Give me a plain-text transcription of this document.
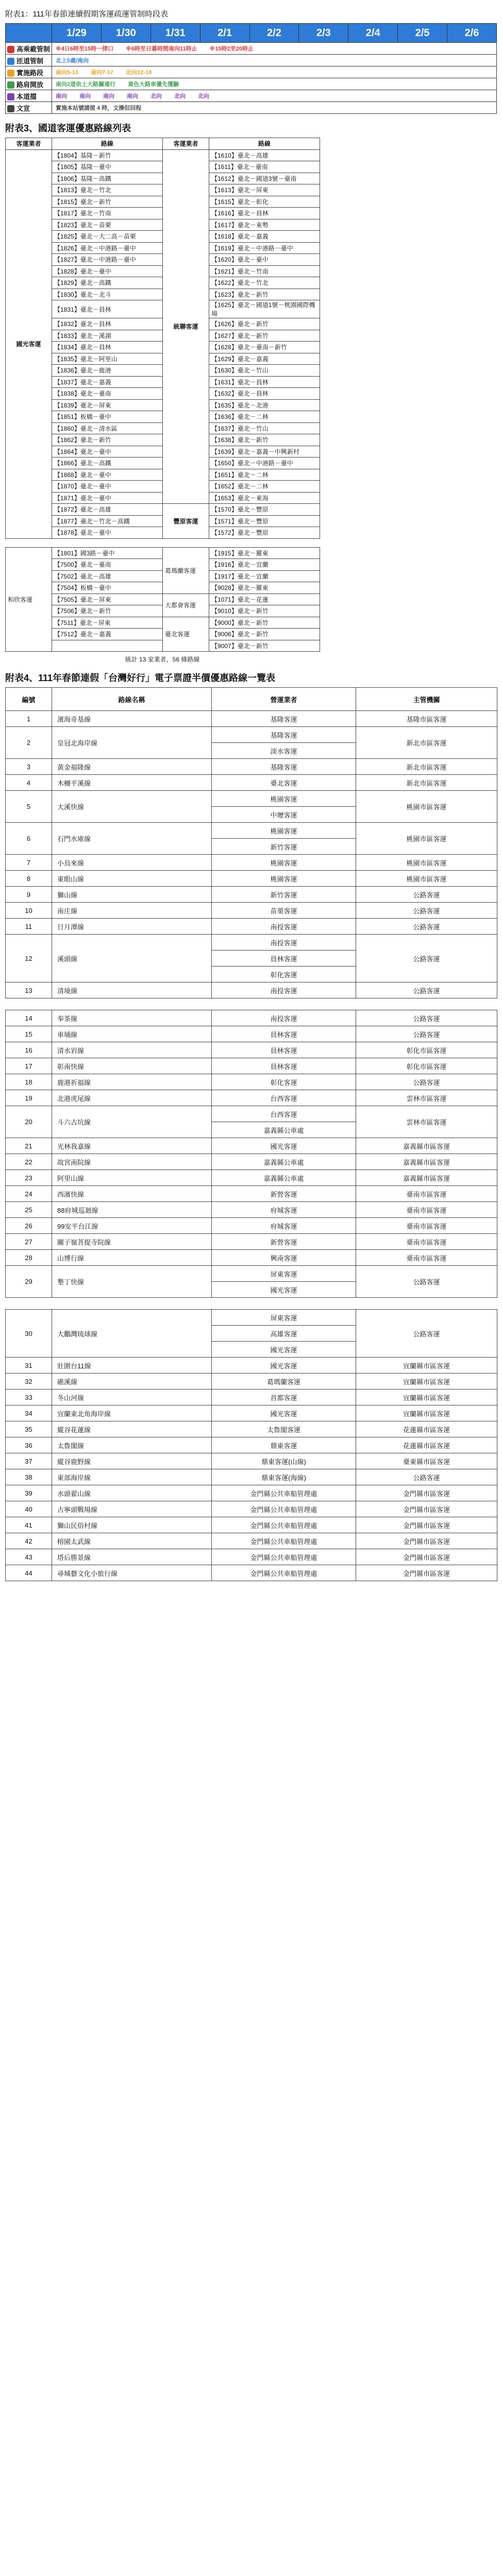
附表1：111年春節連續假期客運疏運管制時段表
	1/29	1/30	1/31	2/1	2/2	2/3	2/4	2/5	2/6
高乘載管制	※4日6時至15時一律口 ※6時至日暮時間南向11時止 ※15時2至20時止								
匝道管制	北上5處/南向								
實施路段	南向5-13 南向7-17 北向12-18								
路肩開放	南向2道依上大路關連行 黃色大路車優先獲驗								
本道擋	南向 南向 南向 南向 北向 北向 北向								
文宣	實施本站號請提 4 時，文操但回程								
附表3、國道客運優惠路線列表
客運業者	路線	客運業者	路線
國光客運	【1804】基隆－新竹	統聯客運	【1610】臺北－高雄
	【1805】基隆－臺中		【1611】臺北－臺南
	【1806】基隆－高鐵		【1612】臺北－國道3號－臺南
	【1813】臺北－竹北		【1613】臺北－屏東
	【1815】臺北－新竹		【1615】臺北－彰化
	【1817】臺北－竹南		【1616】臺北－員林
	【1823】臺北－苗栗		【1617】臺北－東勢
	【1825】臺北－大二高－苗栗		【1618】臺北－嘉義
	【1826】臺北－中港路－臺中		【1619】臺北－中港路－臺中
	【1827】臺北－中港路－臺中		【1620】臺北－臺中
	【1828】臺北－臺中		【1621】臺北－竹南
	【1829】臺北－高鐵		【1622】臺北－竹北
	【1830】臺北－北斗		【1623】臺北－新竹
	【1831】臺北－員林		【1625】臺北－國道1號－桃園國際機場
	【1832】臺北－員林		【1626】臺北－新竹
	【1833】臺北－溪湖		【1627】臺北－新竹
	【1834】臺北－員林		【1628】臺北－臺南－新竹
	【1835】臺北－阿里山		【1629】臺北－嘉義
	【1836】臺北－鹿港		【1630】臺北－竹山
	【1837】臺北－嘉義		【1631】臺北－員林
	【1838】臺北－臺南		【1632】臺北－員林
	【1839】臺北－屏東		【1635】臺北－北港
	【1851】板橋－臺中		【1636】臺北－二林
	【1860】臺北－清水區		【1637】臺北－竹山
	【1862】臺北－新竹		【1638】臺北－新竹
	【1864】臺北－臺中		【1639】臺北－嘉義－中興新村
	【1866】臺北－高鐵		【1650】臺北－中港路－臺中
	【1868】臺北－臺中		【1651】臺北－二林
	【1870】臺北－臺中		【1652】臺北－二林
	【1871】臺北－臺中		【1653】臺北－東海
	【1872】臺北－高雄	豐原客運	【1570】臺北－豐原
	【1877】臺北－竹北－高鐵		【1571】臺北－豐原
	【1878】臺北－臺中		【1572】臺北－豐原
和欣客運	【1801】國3路－臺中	葛瑪蘭客運	【1915】臺北－羅東
	【7500】臺北－臺南		【1916】臺北－宜蘭
	【7502】臺北－高雄		【1917】臺北－宜蘭
	【7504】板橋－臺中		【9028】臺北－羅東
	【7505】臺北－屏東	大都會客運	【1071】臺北－花蓮
	【7506】臺北－新竹		【9010】臺北－新竹
	【7511】臺北－屏東	臺北客運	【9000】臺北－新竹
	【7512】臺北－嘉義		【9006】臺北－新竹
			【9007】臺北－新竹
統計 13 家業者，56 條路線
附表4、111年春節連假「台灣好行」電子票證半價優惠路線一覽表
編號	路線名稱	營運業者	主管機關
1	濱海奇基線	基隆客運	基隆市區客運
2	皇冠北海岸線	基隆客運	新北市區客運
		淡水客運	
3	黃金福隆線	基隆客運	新北市區客運
4	木柵平溪線	臺北客運	新北市區客運
5	大溪快線	桃園客運	桃園市區客運
		中壢客運	
6	石門水庫線	桃園客運	桃園市區客運
		新竹客運	
7	小烏來線	桃園客運	桃園市區客運
8	東眼山線	桃園客運	桃園市區客運
9	獅山線	新竹客運	公路客運
10	南庄線	苗栗客運	公路客運
11	日月潭線	南投客運	公路客運
12	溪頭線	南投客運	公路客運
		員林客運	
		彰化客運	
13	清境線	南投客運	公路客運

14	奉茶線	南投客運	公路客運
15	車埔線	員林客運	公路客運
16	清水岩線	員林客運	彰化市區客運
17	彰南快線	員林客運	彰化市區客運
18	鹿港祈福線	彰化客運	公路客運
19	北港虎尾線	台西客運	雲林市區客運
20	斗六古坑線	台西客運	雲林市區客運
		嘉義縣公車處	
21	光林我嘉線	國光客運	嘉義縣市區客運
22	故宮南院線	嘉義縣公車處	嘉義縣市區客運
23	阿里山線	嘉義縣公車處	嘉義縣市區客運
24	西濱快線	新營客運	臺南市區客運
25	88府城巡迴線	府城客運	臺南市區客運
26	99安平台江線	府城客運	臺南市區客運
27	關子嶺菩提寺院線	新營客運	臺南市區客運
28	山博行線	興南客運	臺南市區客運
29	墾丁快線	屏東客運	公路客運
		國光客運	

30	大鵬灣琉球線	屏東客運	公路客運
		高雄客運	
		國光客運	
31	壯圍台11線	國光客運	宜蘭縣市區客運
32	礁溪線	葛瑪蘭客運	宜蘭縣市區客運
33	冬山河線	首都客運	宜蘭縣市區客運
34	宜蘭東北角海岸線	國光客運	宜蘭縣市區客運
35	縱谷花蓮線	太魯閣客運	花蓮縣市區客運
36	太魯閣線	鼎東客運	花蓮縣市區客運
37	縱谷鹿野線	鼎東客運(山線)	臺東縣市區客運
38	東部海岸線	鼎東客運(海線)	公路客運
39	水頭翟山線	金門縣公共車船管理處	金門縣市區客運
40	古寧頭戰場線	金門縣公共車船管理處	金門縣市區客運
41	獅山民俗村線	金門縣公共車船管理處	金門縣市區客運
42	榕園太武線	金門縣公共車船管理處	金門縣市區客運
43	塔后勝景線	金門縣公共車船管理處	金門縣市區客運
44	尋城藝文化小旅行線	金門縣公共車船管理處	金門縣市區客運
